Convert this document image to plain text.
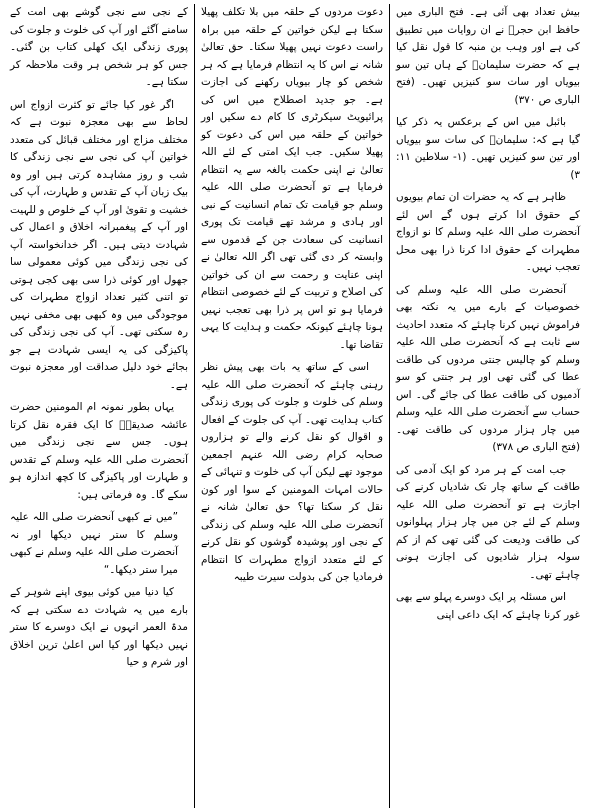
بیش تعداد بھی آئی ہے۔ فتح الباری میں حافظ ابن حجرؒ نے ان روایات میں تطبیق کی ہے اور وہب بن منبہ کا قول نقل کیا ہے کہ حضرت سلیمانؑ کے ہاں تین سو بیویاں اور سات سو کنیزیں تھیں۔ (فتح الباری ص ۳۷۰)

بائبل میں اس کے برعکس یہ ذکر کیا گیا ہے کہ: سلیمانؑ کی سات سو بیویاں اور تین سو کنیزیں تھیں۔ (۱- سلاطین ۱۱: ۳)

ظاہر ہے کہ یہ حضرات ان تمام بیویوں کے حقوق ادا کرتے ہوں گے اس لئے آنحضرت صلی اللہ علیہ وسلم کا نو ازواج مطہرات کے حقوق ادا کرنا ذرا بھی محل تعجب نہیں۔

آنحضرت صلی اللہ علیہ وسلم کی خصوصیات کے بارے میں یہ نکتہ بھی فراموش نہیں کرنا چاہئے کہ متعدد احادیث سے ثابت ہے کہ آنحضرت صلی اللہ علیہ وسلم کو چالیس جنتی مردوں کی طاقت عطا کی گئی تھی اور ہر جنتی کو سو آدمیوں کی طاقت عطا کی جائے گی۔ اس حساب سے آنحضرت صلی اللہ علیہ وسلم میں چار ہزار مردوں کی طاقت تھی۔ (فتح الباری ص ۳۷۸)

جب امت کے ہر مرد کو ایک آدمی کی طاقت کے ساتھ چار تک شادیاں کرنے کی اجازت ہے تو آنحضرت صلی اللہ علیہ وسلم کے لئے جن میں چار ہزار پہلوانوں کی طاقت ودیعت کی گئی تھی کم از کم سولہ ہزار شادیوں کی اجازت ہونی چاہئے تھی۔

اس مسئلہ پر ایک دوسرے پہلو سے بھی غور کرنا چاہئے کہ ایک داعی اپنی

دعوت مردوں کے حلقہ میں بلا تکلف پھیلا سکتا ہے لیکن خواتین کے حلقہ میں براہ راست دعوت نہیں پھیلا سکتا۔ حق تعالیٰ شانہ نے اس کا یہ انتظام فرمایا ہے کہ ہر شخص کو چار بیویاں رکھنے کی اجازت ہے۔ جو جدید اصطلاح میں اس کی پرائیویٹ سیکرٹری کا کام دے سکیں اور خواتین کے حلقہ میں اس کی دعوت کو پھیلا سکیں۔ جب ایک امتی کے لئے اللہ تعالیٰ نے اپنی حکمت بالغہ سے یہ انتظام فرمایا ہے تو آنحضرت صلی اللہ علیہ وسلم جو قیامت تک تمام انسانیت کے نبی اور ہادی و مرشد تھے قیامت تک پوری انسانیت کی سعادت جن کے قدموں سے وابستہ کر دی گئی تھی اگر اللہ تعالیٰ نے اپنی عنایت و رحمت سے ان کی خواتین کی اصلاح و تربیت کے لئے خصوصی انتظام فرمایا ہو تو اس پر ذرا بھی تعجب نہیں ہونا چاہئے کیونکہ حکمت و ہدایت کا یہی تقاضا تھا۔

اسی کے ساتھ یہ بات بھی پیش نظر رہنی چاہئے کہ آنحضرت صلی اللہ علیہ وسلم کی خلوت و جلوت کی پوری زندگی کتاب ہدایت تھی۔ آپ کی جلوت کے افعال و اقوال کو نقل کرنے والے تو ہزاروں صحابہ کرام رضی اللہ عنہم اجمعین موجود تھے لیکن آپ کی خلوت و تنہائی کے حالات امہات المومنین کے سوا اور کون نقل کر سکتا تھا؟ حق تعالیٰ شانہ نے آنحضرت صلی اللہ علیہ وسلم کی زندگی کے نجی اور پوشیدہ گوشوں کو نقل کرنے کے لئے متعدد ازواج مطہرات کا انتظام فرمادیا جن کی بدولت سیرت طیبہ

کے نجی سے نجی گوشے بھی امت کے سامنے آگئے اور آپ کی خلوت و جلوت کی پوری زندگی ایک کھلی کتاب بن گئی۔ جس کو ہر شخص ہر وقت ملاحظہ کر سکتا ہے۔

اگر غور کیا جائے تو کثرت ازواج اس لحاظ سے بھی معجزہ نبوت ہے کہ مختلف مزاج اور مختلف قبائل کی متعدد خواتین آپ کی نجی سے نجی زندگی کا شب و روز مشاہدہ کرتی ہیں اور وہ بیک زبان آپ کے تقدس و طہارت، آپ کی خشیت و تقویٰ اور آپ کے خلوص و للہیت اور آپ کے پیغمبرانہ اخلاق و اعمال کی شہادت دیتی ہیں۔ اگر خدانخواستہ آپ کی نجی زندگی میں کوئی معمولی سا جھول اور کوئی ذرا سی بھی کجی ہوتی تو اتنی کثیر تعداد ازواج مطہرات کی موجودگی میں وہ کبھی بھی مخفی نہیں رہ سکتی تھی۔ آپ کی نجی زندگی کی پاکیزگی کی یہ ایسی شہادت ہے جو بجائے خود دلیل صداقت اور معجزہ نبوت ہے۔

یہاں بطور نمونہ ام المومنین حضرت عائشہ صدیقہؓ کا ایک فقرہ نقل کرتا ہوں۔ جس سے نجی زندگی میں آنحضرت صلی اللہ علیہ وسلم کے تقدس و طہارت اور پاکیزگی کا کچھ اندازہ ہو سکے گا۔ وہ فرماتی ہیں:

”میں نے کبھی آنحضرت صلی اللہ علیہ وسلم کا ستر نہیں دیکھا اور نہ آنحضرت صلی اللہ علیہ وسلم نے کبھی میرا ستر دیکھا۔“

کیا دنیا میں کوئی بیوی اپنے شوہر کے بارے میں یہ شہادت دے سکتی ہے کہ مدۃ العمر انہوں نے ایک دوسرے کا ستر نہیں دیکھا اور کیا اس اعلیٰ ترین اخلاق اور شرم و حیا
